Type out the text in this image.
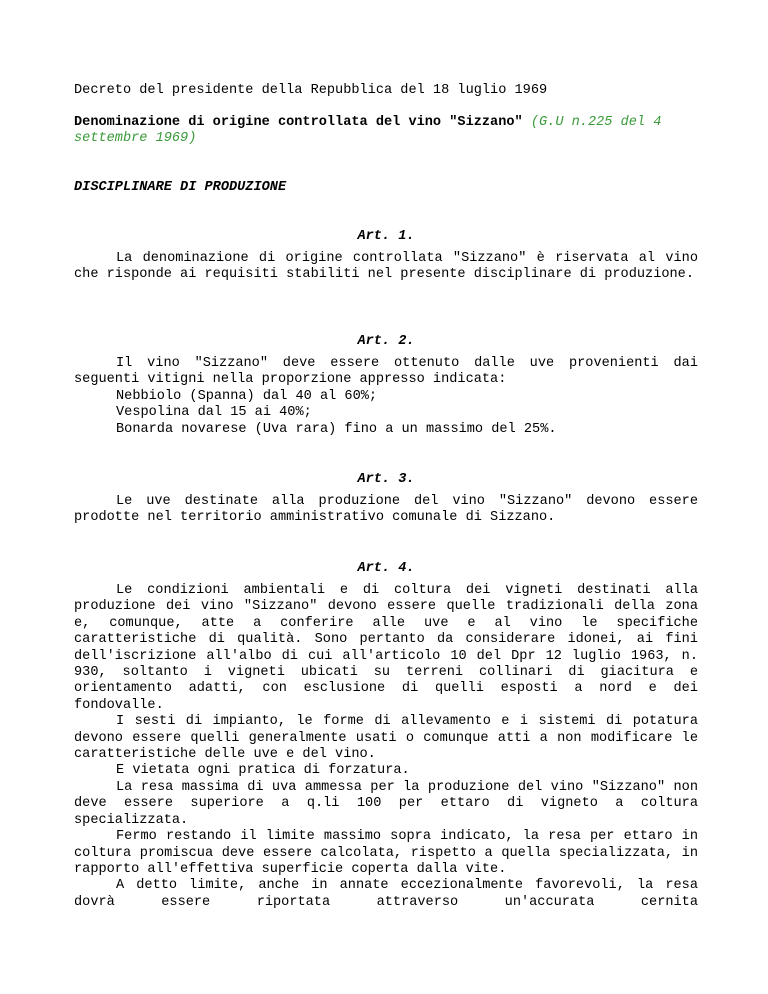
Decreto del presidente della Repubblica del 18 luglio 1969

Denominazione di origine controllata del vino "Sizzano" (G.U n.225 del 4 settembre 1969)

DISCIPLINARE DI PRODUZIONE

Art. 1.

La denominazione di origine controllata "Sizzano" è riservata al vino che risponde ai requisiti stabiliti nel presente disciplinare di produzione.

Art. 2.

Il vino "Sizzano" deve essere ottenuto dalle uve provenienti dai seguenti vitigni nella proporzione appresso indicata:

Nebbiolo (Spanna) dal 40 al 60%;

Vespolina dal 15 ai 40%;

Bonarda novarese (Uva rara) fino a un massimo del 25%.

Art. 3.

Le uve destinate alla produzione del vino "Sizzano" devono essere prodotte nel territorio amministrativo comunale di Sizzano.

Art. 4.

Le condizioni ambientali e di coltura dei vigneti destinati alla produzione dei vino "Sizzano" devono essere quelle tradizionali della zona e, comunque, atte a conferire alle uve e al vino le specifiche caratteristiche di qualità. Sono pertanto da considerare idonei, ai fini dell'iscrizione all'albo di cui all'articolo 10 del Dpr 12 luglio 1963, n. 930, soltanto i vigneti ubicati su terreni collinari di giacitura e orientamento adatti, con esclusione di quelli esposti a nord e dei fondovalle.

I sesti di impianto, le forme di allevamento e i sistemi di potatura devono essere quelli generalmente usati o comunque atti a non modificare le caratteristiche delle uve e del vino.

E vietata ogni pratica di forzatura.

La resa massima di uva ammessa per la produzione del vino "Sizzano" non deve essere superiore a q.li 100 per ettaro di vigneto a coltura specializzata.

Fermo restando il limite massimo sopra indicato, la resa per ettaro in coltura promiscua deve essere calcolata, rispetto a quella specializzata, in rapporto all'effettiva superficie coperta dalla vite.

A detto limite, anche in annate eccezionalmente favorevoli, la resa dovrà essere riportata attraverso un'accurata cernita
